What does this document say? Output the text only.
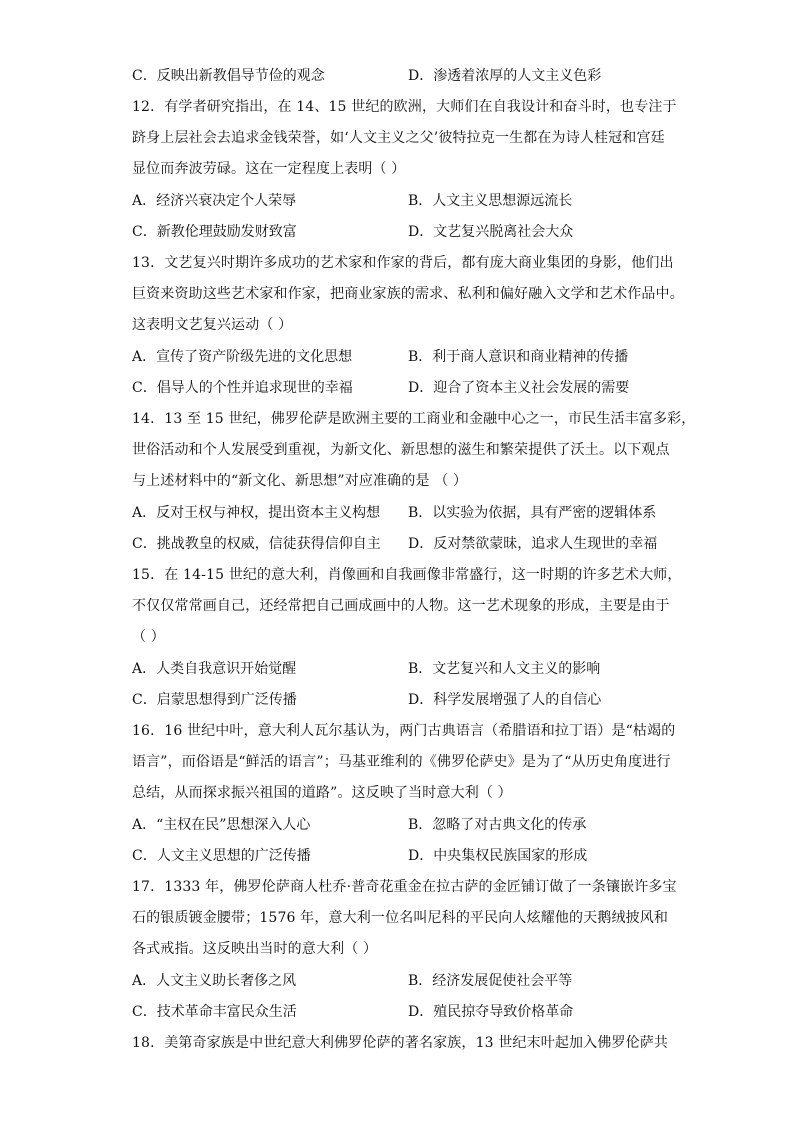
C．反映出新教倡导节俭的观念	D．渗透着浓厚的人文主义色彩
12．有学者研究指出，在 14、15 世纪的欧洲，大师们在自我设计和奋斗时，也专注于
跻身上层社会去追求金钱荣誉，如‘人文主义之父’彼特拉克一生都在为诗人桂冠和宫廷
显位而奔波劳碌。这在一定程度上表明（ ）
A．经济兴衰决定个人荣辱	B．人文主义思想源远流长
C．新教伦理鼓励发财致富	D．文艺复兴脱离社会大众
13．文艺复兴时期许多成功的艺术家和作家的背后，都有庞大商业集团的身影，他们出
巨资来资助这些艺术家和作家，把商业家族的需求、私利和偏好融入文学和艺术作品中。
这表明文艺复兴运动（ ）
A．宣传了资产阶级先进的文化思想	B．利于商人意识和商业精神的传播
C．倡导人的个性并追求现世的幸福	D．迎合了资本主义社会发展的需要
14．13 至 15 世纪，佛罗伦萨是欧洲主要的工商业和金融中心之一，市民生活丰富多彩，
世俗活动和个人发展受到重视，为新文化、新思想的滋生和繁荣提供了沃土。以下观点
与上述材料中的“新文化、新思想”对应准确的是 （ ）
A．反对王权与神权，提出资本主义构想 B．以实验为依据，具有严密的逻辑体系
C．挑战教皇的权威，信徒获得信仰自主 D．反对禁欲蒙昧，追求人生现世的幸福
15．在 14-15 世纪的意大利，肖像画和自我画像非常盛行，这一时期的许多艺术大师，
不仅仅常常画自己，还经常把自己画成画中的人物。这一艺术现象的形成，主要是由于
（ ）
A．人类自我意识开始觉醒	B．文艺复兴和人文主义的影响
C．启蒙思想得到广泛传播	D．科学发展增强了人的自信心
16．16 世纪中叶，意大利人瓦尔基认为，两门古典语言（希腊语和拉丁语）是“枯竭的
语言”，而俗语是“鲜活的语言”；马基亚维利的《佛罗伦萨史》是为了“从历史角度进行
总结，从而探求振兴祖国的道路”。这反映了当时意大利（ ）
A．“主权在民”思想深入人心	B．忽略了对古典文化的传承
C．人文主义思想的广泛传播	D．中央集权民族国家的形成
17．1333 年，佛罗伦萨商人杜乔·普奇花重金在拉古萨的金匠铺订做了一条镶嵌许多宝
石的银质镀金腰带；1576 年，意大利一位名叫尼科的平民向人炫耀他的天鹅绒披风和
各式戒指。这反映出当时的意大利（ ）
A．人文主义助长奢侈之风	B．经济发展促使社会平等
C．技术革命丰富民众生活	D．殖民掠夺导致价格革命
18．美第奇家族是中世纪意大利佛罗伦萨的著名家族，13 世纪末叶起加入佛罗伦萨共
